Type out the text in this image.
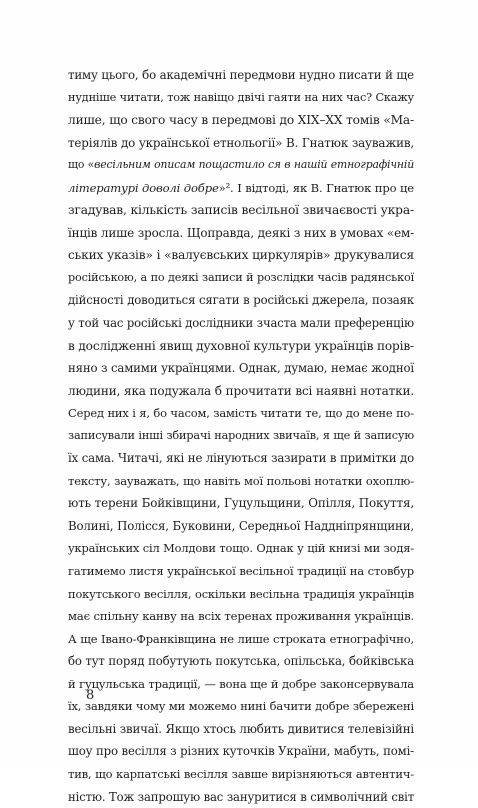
тиму цього, бо академічні передмови нудно писати й ще
нудніше читати, тож навіщо двічі гаяти на них час? Скажу
лише, що свого часу в передмові до ХІХ–ХХ томів «Ма-
теріялів до української етнольогії» В. Гнатюк зауважив,
що «весільним описам пощастило ся в нашій етнографічній
літературі доволі добре»². І відтоді, як В. Гнатюк про це
згадував, кількість записів весільної звичаєвості укра-
їнців лише зросла. Щоправда, деякі з них в умовах «ем-
ських указів» і «валуєвських циркулярів» друкувалися
російською, а по деякі записи й розслідки часів радянської
дійсності доводиться сягати в російські джерела, позаяк
у той час російські дослідники зчаста мали преференцію
в дослідженні явищ духовної культури українців порів-
няно з самими українцями. Однак, думаю, немає жодної
людини, яка подужала б прочитати всі наявні нотатки.
Серед них і я, бо часом, замість читати те, що до мене по-
записували інші збирачі народних звичаїв, я ще й записую
їх сама. Читачі, які не лінуються зазирати в примітки до
тексту, зауважать, що навіть мої польові нотатки охоплю-
ють терени Бойківщини, Гуцульщини, Опілля, Покуття,
Волині, Полісся, Буковини, Середньої Наддніпрянщини,
українських сіл Молдови тощо. Однак у цій книзі ми зодя-
гатимемо листя української весільної традиції на стовбур
покутського весілля, оскільки весільна традиція українців
має спільну канву на всіх теренах проживання українців.
А ще Івано-Франківщина не лише строката етнографічно,
бо тут поряд побутують покутська, опільська, бойківська
й гуцульська традиції, — вона ще й добре законсервувала
їх, завдяки чому ми можемо нині бачити добре збережені
весільні звичаї. Якщо хтось любить дивитися телевізійні
шоу про весілля з різних куточків України, мабуть, помі-
тив, що карпатські весілля завше вирізняються автентич-
ністю. Тож запрошую вас зануритися в символічний світ
8
